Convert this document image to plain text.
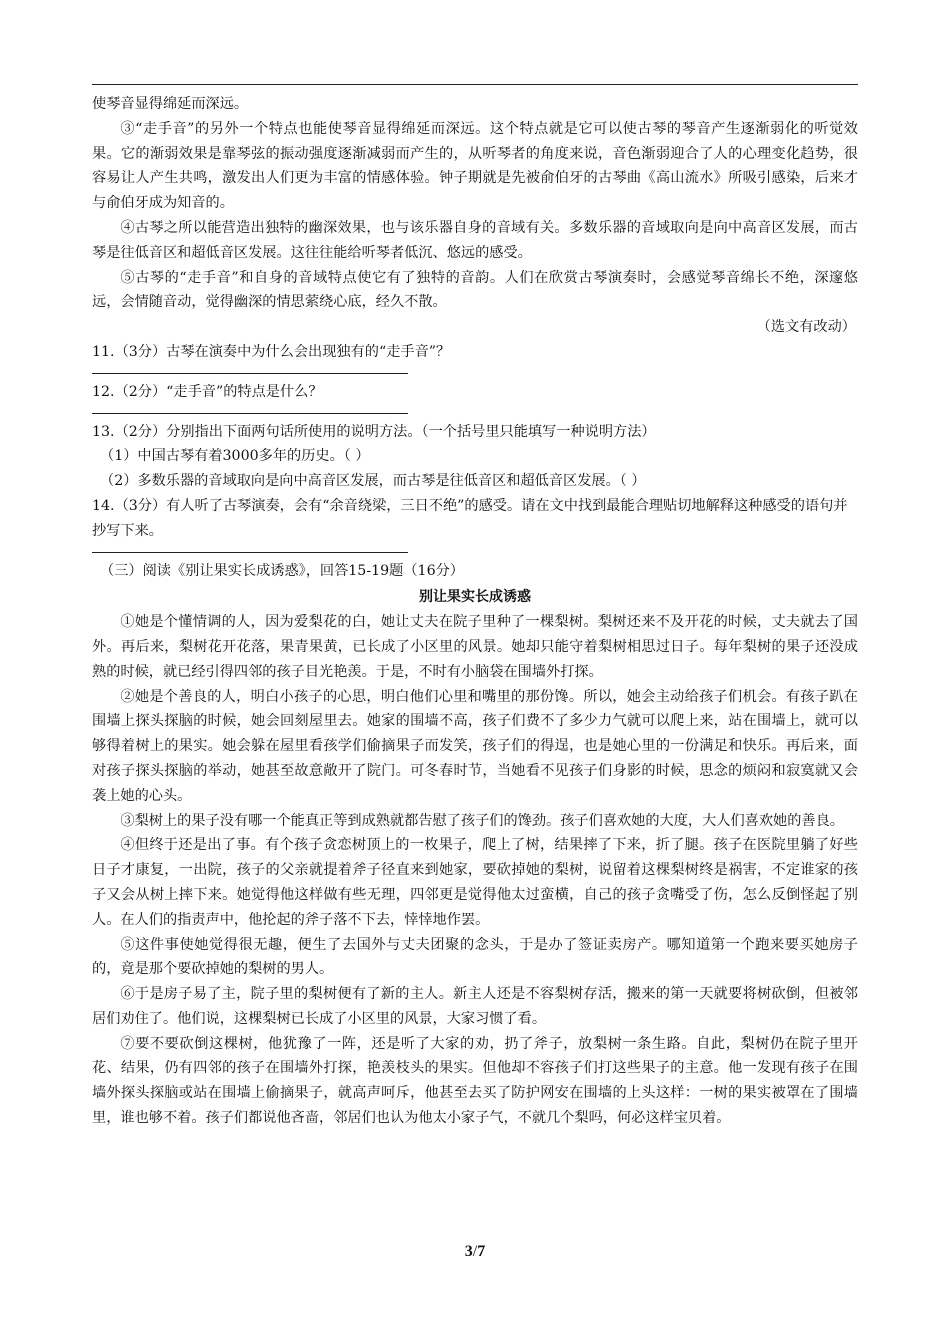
使琴音显得绵延而深远。

③“走手音”的另外一个特点也能使琴音显得绵延而深远。这个特点就是它可以使古琴的琴音产生逐渐弱化的听觉效果。它的渐弱效果是靠琴弦的振动强度逐渐减弱而产生的，从听琴者的角度来说，音色渐弱迎合了人的心理变化趋势，很容易让人产生共鸣，激发出人们更为丰富的情感体验。钟子期就是先被俞伯牙的古琴曲《高山流水》所吸引感染，后来才与俞伯牙成为知音的。

④古琴之所以能营造出独特的幽深效果，也与该乐器自身的音域有关。多数乐器的音域取向是向中高音区发展，而古琴是往低音区和超低音区发展。这往往能给听琴者低沉、悠远的感受。

⑤古琴的“走手音”和自身的音域特点使它有了独特的音韵。人们在欣赏古琴演奏时，会感觉琴音绵长不绝，深邃悠远，会情随音动，觉得幽深的情思萦绕心底，经久不散。

（选文有改动）

11.（3分）古琴在演奏中为什么会出现独有的“走手音”？

12.（2分）“走手音”的特点是什么？

13.（2分）分别指出下面两句话所使用的说明方法。（一个括号里只能填写一种说明方法）

（1）中国古琴有着3000多年的历史。（ ）

（2）多数乐器的音域取向是向中高音区发展，而古琴是往低音区和超低音区发展。（ ）

14.（3分）有人听了古琴演奏，会有“余音绕梁，三日不绝”的感受。请在文中找到最能合理贴切地解释这种感受的语句并抄写下来。

（三）阅读《别让果实长成诱惑》，回答15-19题（16分）

别让果实长成诱惑

①她是个懂情调的人，因为爱梨花的白，她让丈夫在院子里种了一棵梨树。梨树还来不及开花的时候，丈夫就去了国外。再后来，梨树花开花落，果青果黄，已长成了小区里的风景。她却只能守着梨树相思过日子。每年梨树的果子还没成熟的时候，就已经引得四邻的孩子目光艳羡。于是，不时有小脑袋在围墙外打探。

②她是个善良的人，明白小孩子的心思，明白他们心里和嘴里的那份馋。所以，她会主动给孩子们机会。有孩子趴在围墙上探头探脑的时候，她会回刻屋里去。她家的围墙不高，孩子们费不了多少力气就可以爬上来，站在围墙上，就可以够得着树上的果实。她会躲在屋里看孩学们偷摘果子而发笑，孩子们的得逞，也是她心里的一份满足和快乐。再后来，面对孩子探头探脑的举动，她甚至故意敞开了院门。可冬春时节，当她看不见孩子们身影的时候，思念的烦闷和寂寞就又会袭上她的心头。

③梨树上的果子没有哪一个能真正等到成熟就都告慰了孩子们的馋劲。孩子们喜欢她的大度，大人们喜欢她的善良。

④但终于还是出了事。有个孩子贪恋树顶上的一枚果子，爬上了树，结果摔了下来，折了腿。孩子在医院里躺了好些日子才康复，一出院，孩子的父亲就提着斧子径直来到她家，要砍掉她的梨树，说留着这棵梨树终是祸害，不定谁家的孩子又会从树上摔下来。她觉得他这样做有些无理，四邻更是觉得他太过蛮横，自己的孩子贪嘴受了伤，怎么反倒怪起了别人。在人们的指责声中，他抡起的斧子落不下去，悻悻地作罢。

⑤这件事使她觉得很无趣，便生了去国外与丈夫团聚的念头，于是办了签证卖房产。哪知道第一个跑来要买她房子的，竟是那个要砍掉她的梨树的男人。

⑥于是房子易了主，院子里的梨树便有了新的主人。新主人还是不容梨树存活，搬来的第一天就要将树砍倒，但被邻居们劝住了。他们说，这棵梨树已长成了小区里的风景，大家习惯了看。

⑦要不要砍倒这棵树，他犹豫了一阵，还是听了大家的劝，扔了斧子，放梨树一条生路。自此，梨树仍在院子里开花、结果，仍有四邻的孩子在围墙外打探，艳羡枝头的果实。但他却不容孩子们打这些果子的主意。他一发现有孩子在围墙外探头探脑或站在围墙上偷摘果子，就高声呵斥，他甚至去买了防护网安在围墙的上头这样：一树的果实被罩在了围墙里，谁也够不着。孩子们都说他吝啬，邻居们也认为他太小家子气，不就几个梨吗，何必这样宝贝着。

3/7
